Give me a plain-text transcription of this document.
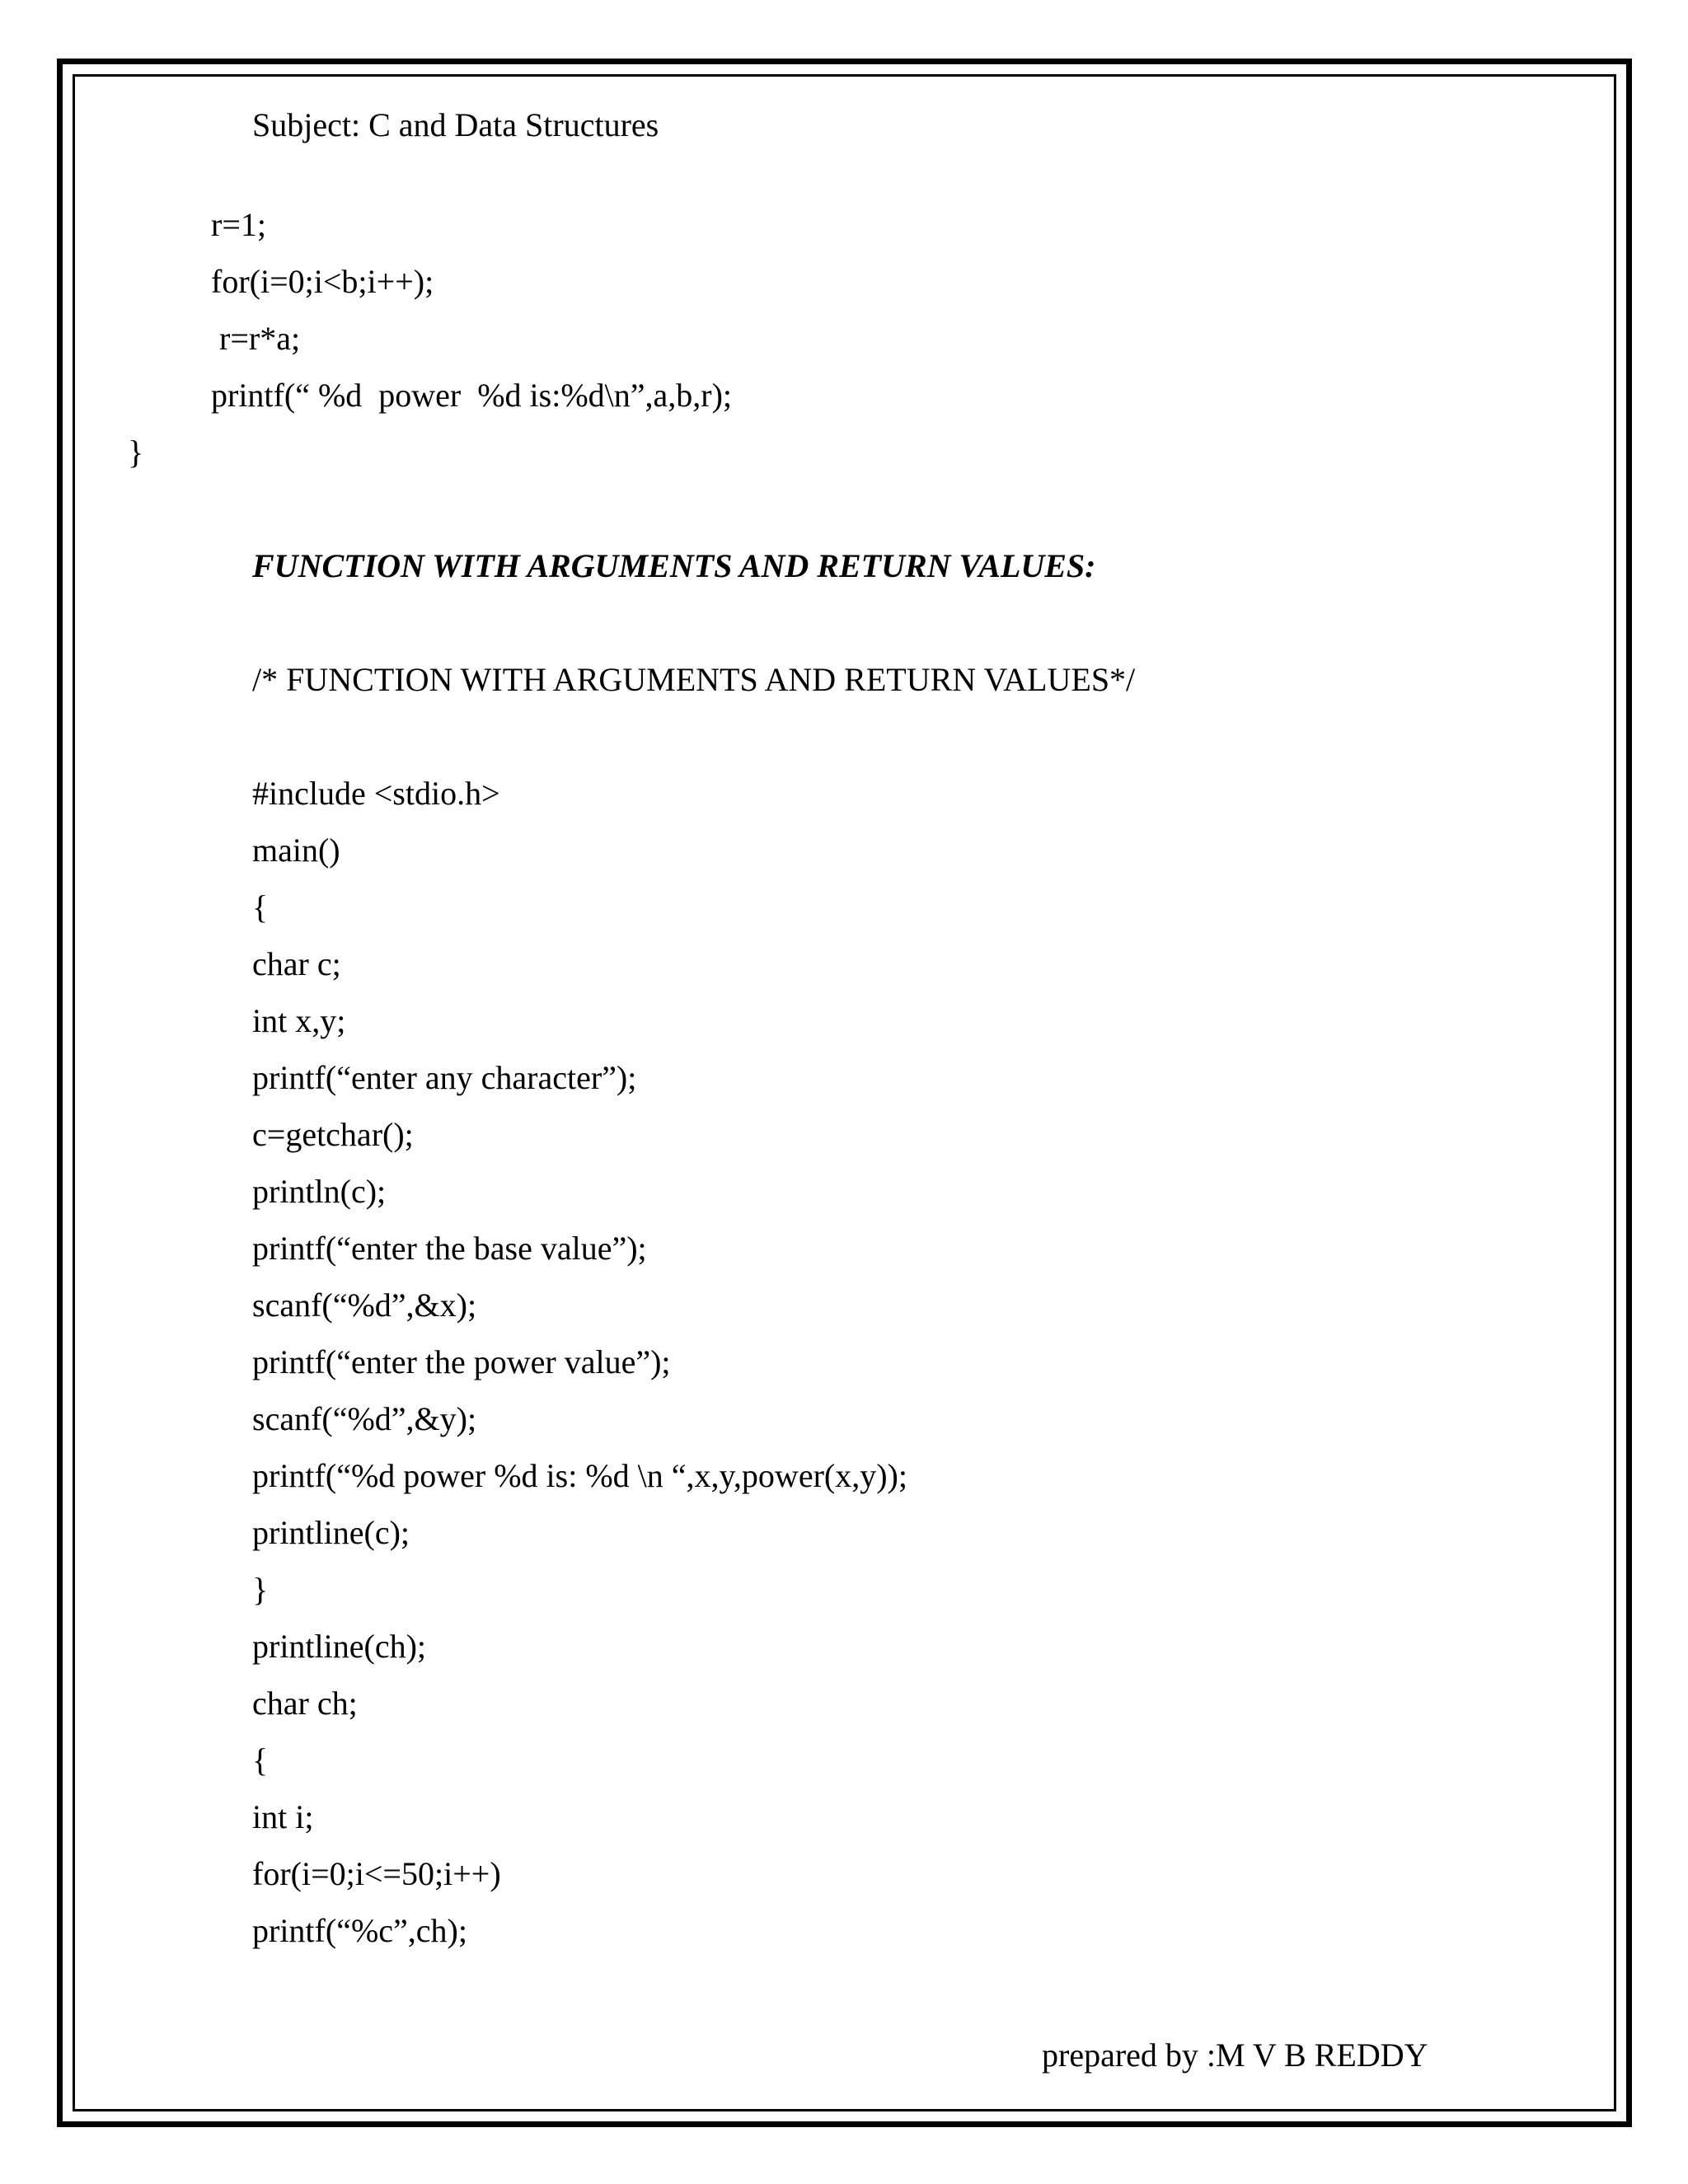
Subject: C and Data Structures
r=1;
for(i=0;i<b;i++);
r=r*a;
printf(“ %d  power  %d is:%d\n”,a,b,r);
}
FUNCTION WITH ARGUMENTS AND RETURN VALUES:
/* FUNCTION WITH ARGUMENTS AND RETURN VALUES*/
#include <stdio.h>
main()
{
char c;
int x,y;
printf(“enter any character”);
c=getchar();
println(c);
printf(“enter the base value”);
scanf(“%d”,&x);
printf(“enter the power value”);
scanf(“%d”,&y);
printf(“%d power %d is: %d \n “,x,y,power(x,y));
printline(c);
}
printline(ch);
char ch;
{
int i;
for(i=0;i<=50;i++)
printf(“%c”,ch);
prepared by :M V B REDDY
